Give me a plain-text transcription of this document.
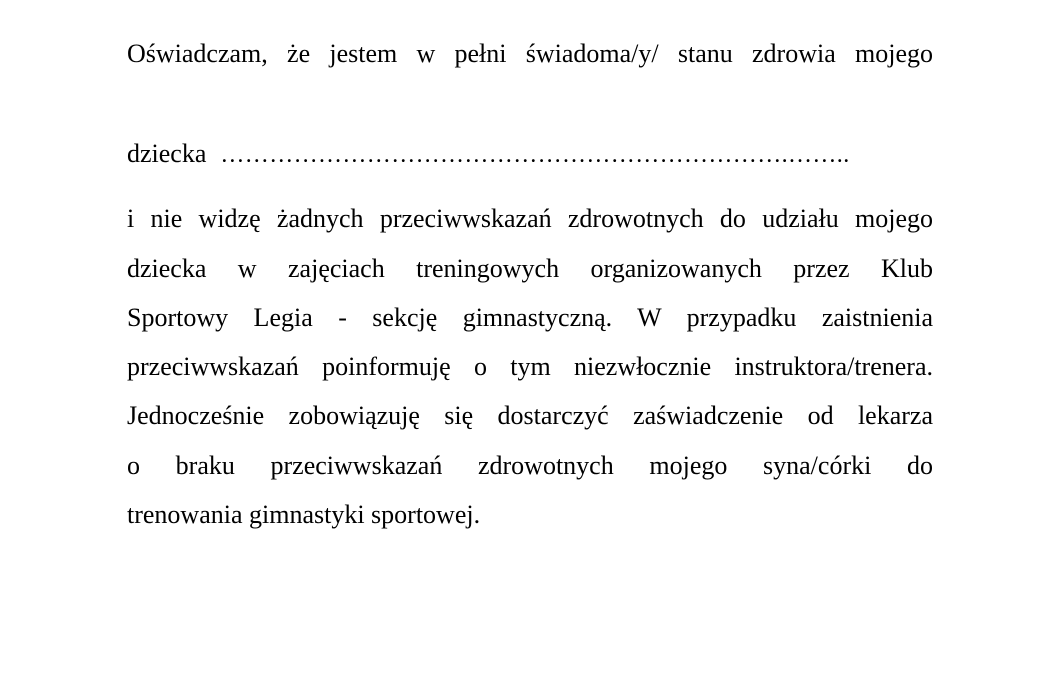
Oświadczam, że jestem w pełni świadoma/y/ stanu zdrowia mojego
dziecka …………………………………………………………….……..
i nie widzę żadnych przeciwwskazań zdrowotnych do udziału mojego
dziecka w zajęciach treningowych organizowanych przez Klub
Sportowy Legia - sekcję gimnastyczną. W przypadku zaistnienia
przeciwwskazań poinformuję o tym niezwłocznie instruktora/trenera.
Jednocześnie zobowiązuję się dostarczyć zaświadczenie od lekarza
o braku przeciwwskazań zdrowotnych mojego syna/córki do
trenowania gimnastyki sportowej.
